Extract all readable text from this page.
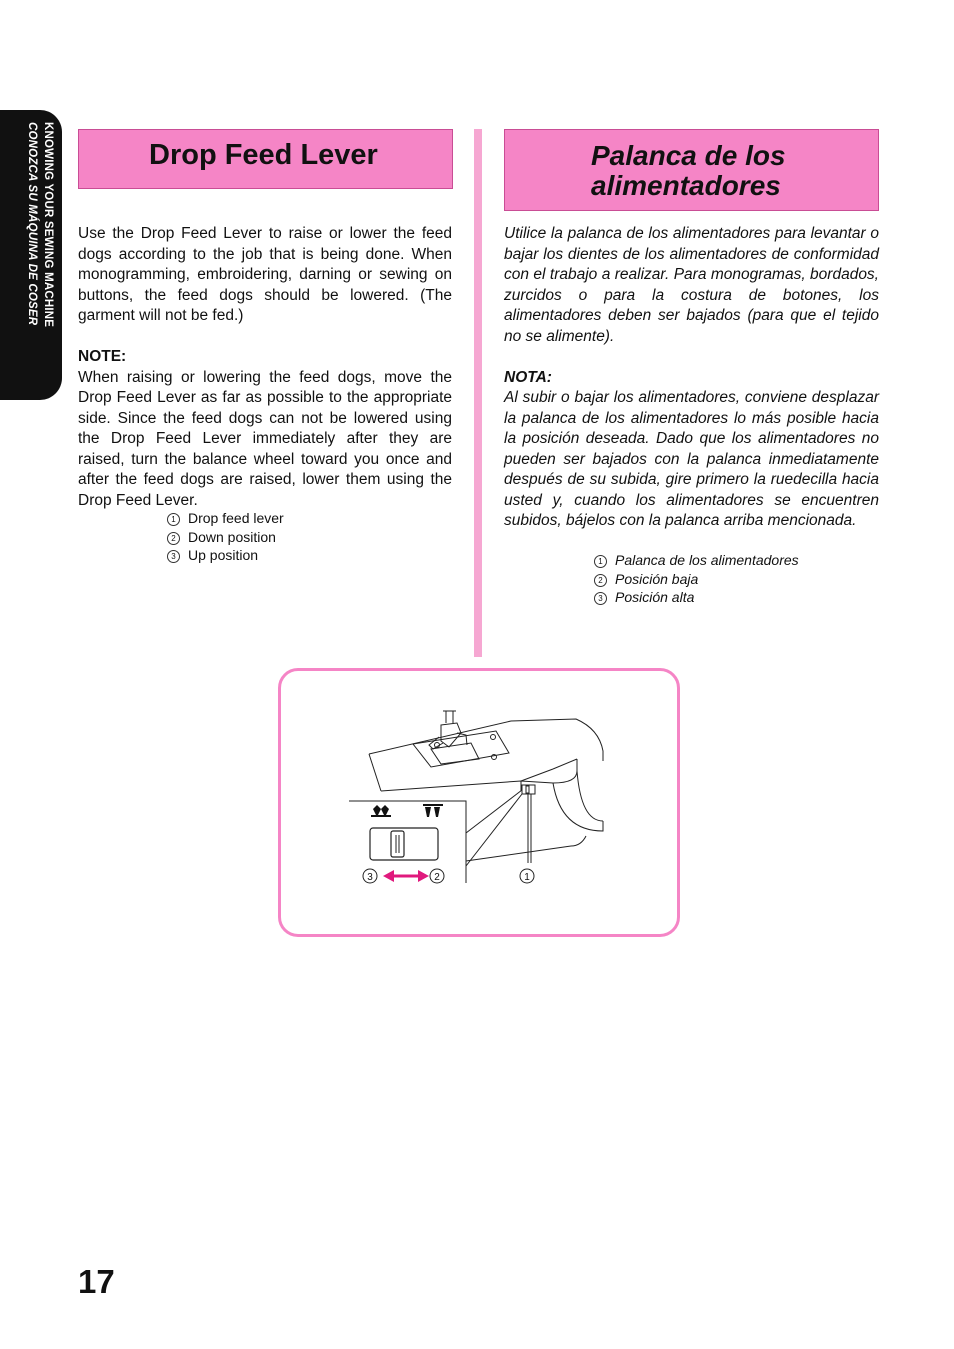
KNOWING YOUR SEWING MACHINE
CONOZCA SU MÁQUINA DE COSER	Drop Feed Lever	Palanca de los alimentadores

Use the Drop Feed Lever to raise or lower the feed dogs according to the job that is being done. When monogramming, embroidering, darning or sewing on buttons, the feed dogs should be lowered. (The garment will not be fed.)

NOTE:

When raising or lowering the feed dogs, move the Drop Feed Lever as far as possible to the appropriate side. Since the feed dogs can not be lowered using the Drop Feed Lever immediately after they are raised, turn the balance wheel toward you once and after the feed dogs are raised, lower them using the Drop Feed Lever.

1 Drop feed lever
2 Down position
3 Up position

Utilice la palanca de los alimentadores para levantar o bajar los dientes de los alimentadores de conformidad con el trabajo a realizar. Para monogramas, bordados, zurcidos o para la costura de botones, los alimentadores deben ser bajados (para que el tejido no se alimente).

NOTA:

Al subir o bajar los alimentadores, conviene desplazar la palanca de los alimentadores lo más posible hacia la posición deseada. Dado que los alimentadores no pueden ser bajados con la palanca inmediatamente después de su subida, gire primero la ruedecilla hacia usted y, cuando los alimentadores se encuentren subidos, bájelos con la palanca arriba mencionada.

1 Palanca de los alimentadores
2 Posición baja
3 Posición alta
3	2	1
17
